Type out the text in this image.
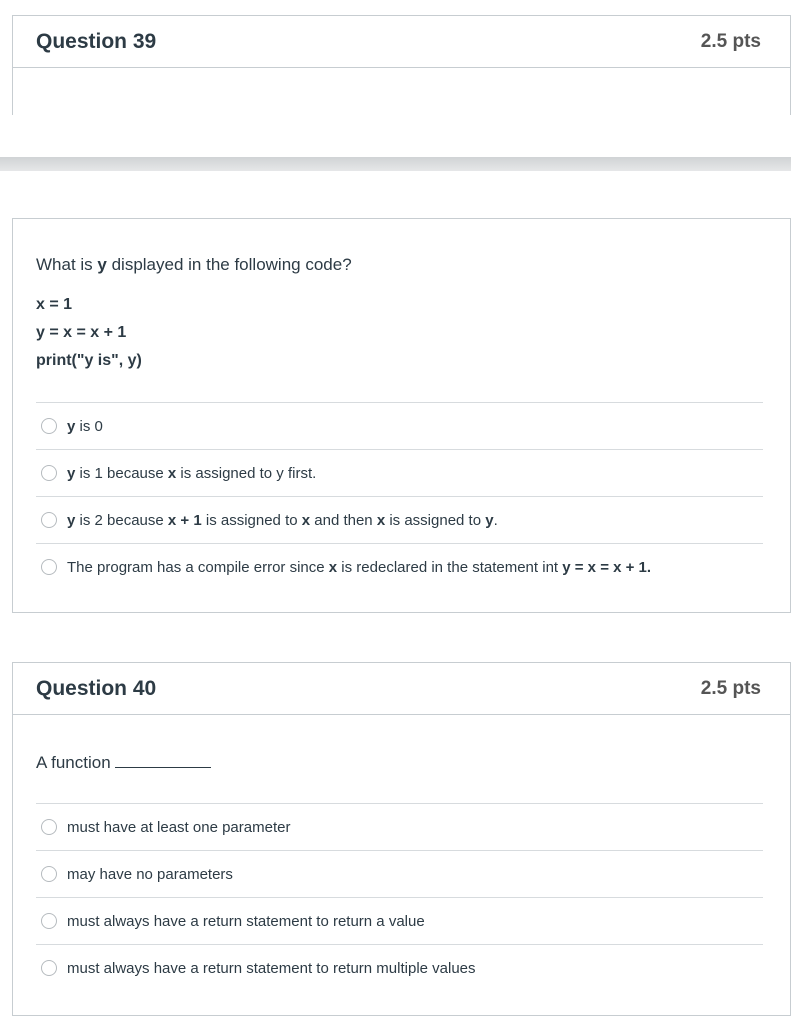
Question 39	2.5 pts
What is y displayed in the following code?
x = 1
y = x = x + 1
print("y is", y)
y is 0
y is 1 because x is assigned to y first.
y is 2 because x + 1 is assigned to x and then x is assigned to y.
The program has a compile error since x is redeclared in the statement int y = x = x + 1.
Question 40	2.5 pts
A function
must have at least one parameter
may have no parameters
must always have a return statement to return a value
must always have a return statement to return multiple values
